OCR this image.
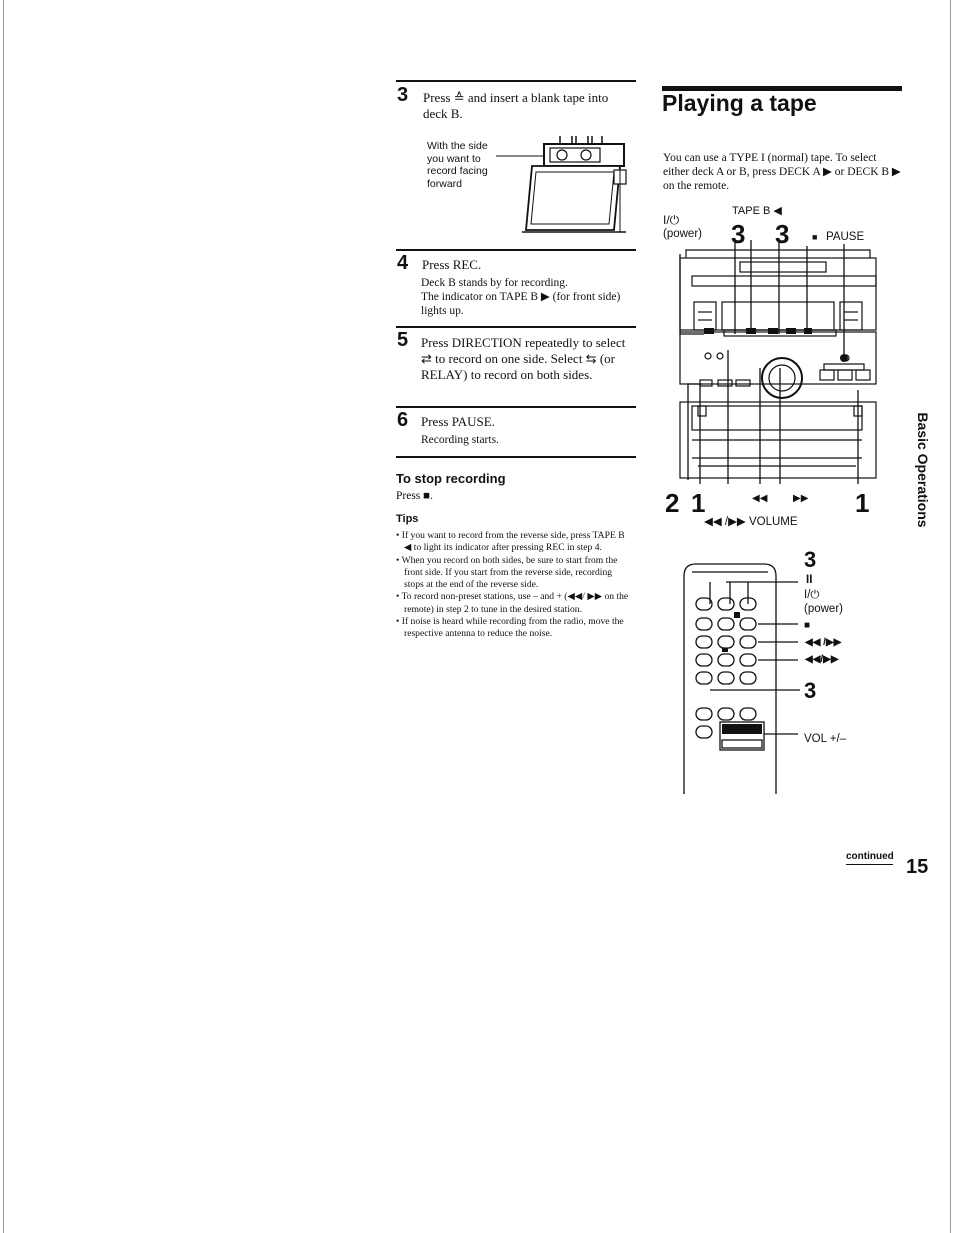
3 Press ≙ and insert a blank tape into deck B.
With the side you want to record facing forward
4 Press REC.
Deck B stands by for recording.
The indicator on TAPE B ▶ (for front side) lights up.
5 Press DIRECTION repeatedly to select ⇄ to record on one side. Select ⇆ (or RELAY) to record on both sides.
6 Press PAUSE.
Recording starts.
To stop recording
Press ■.
Tips
• If you want to record from the reverse side, press TAPE B ◀ to light its indicator after pressing REC in step 4.
• When you record on both sides, be sure to start from the front side. If you start from the reverse side, recording stops at the end of the reverse side.
• To record non-preset stations, use – and + (◀◀/ ▶▶ on the remote) in step 2 to tune in the desired station.
• If noise is heard while recording from the radio, move the respective antenna to reduce the noise.
Playing a tape
You can use a TYPE I (normal) tape. To select either deck A or B, press DECK A ▶ or DECK B ▶ on the remote.
TAPE B ◀
I/⏻
(power) 3 3	■ PAUSE
2 1	◀◀	▶▶ 1
◀◀ /▶▶ VOLUME
3
II
I/⏻
(power)
■
◀◀ /▶▶
◀◀/▶▶
3
VOL +/–
Basic Operations
continued 15
